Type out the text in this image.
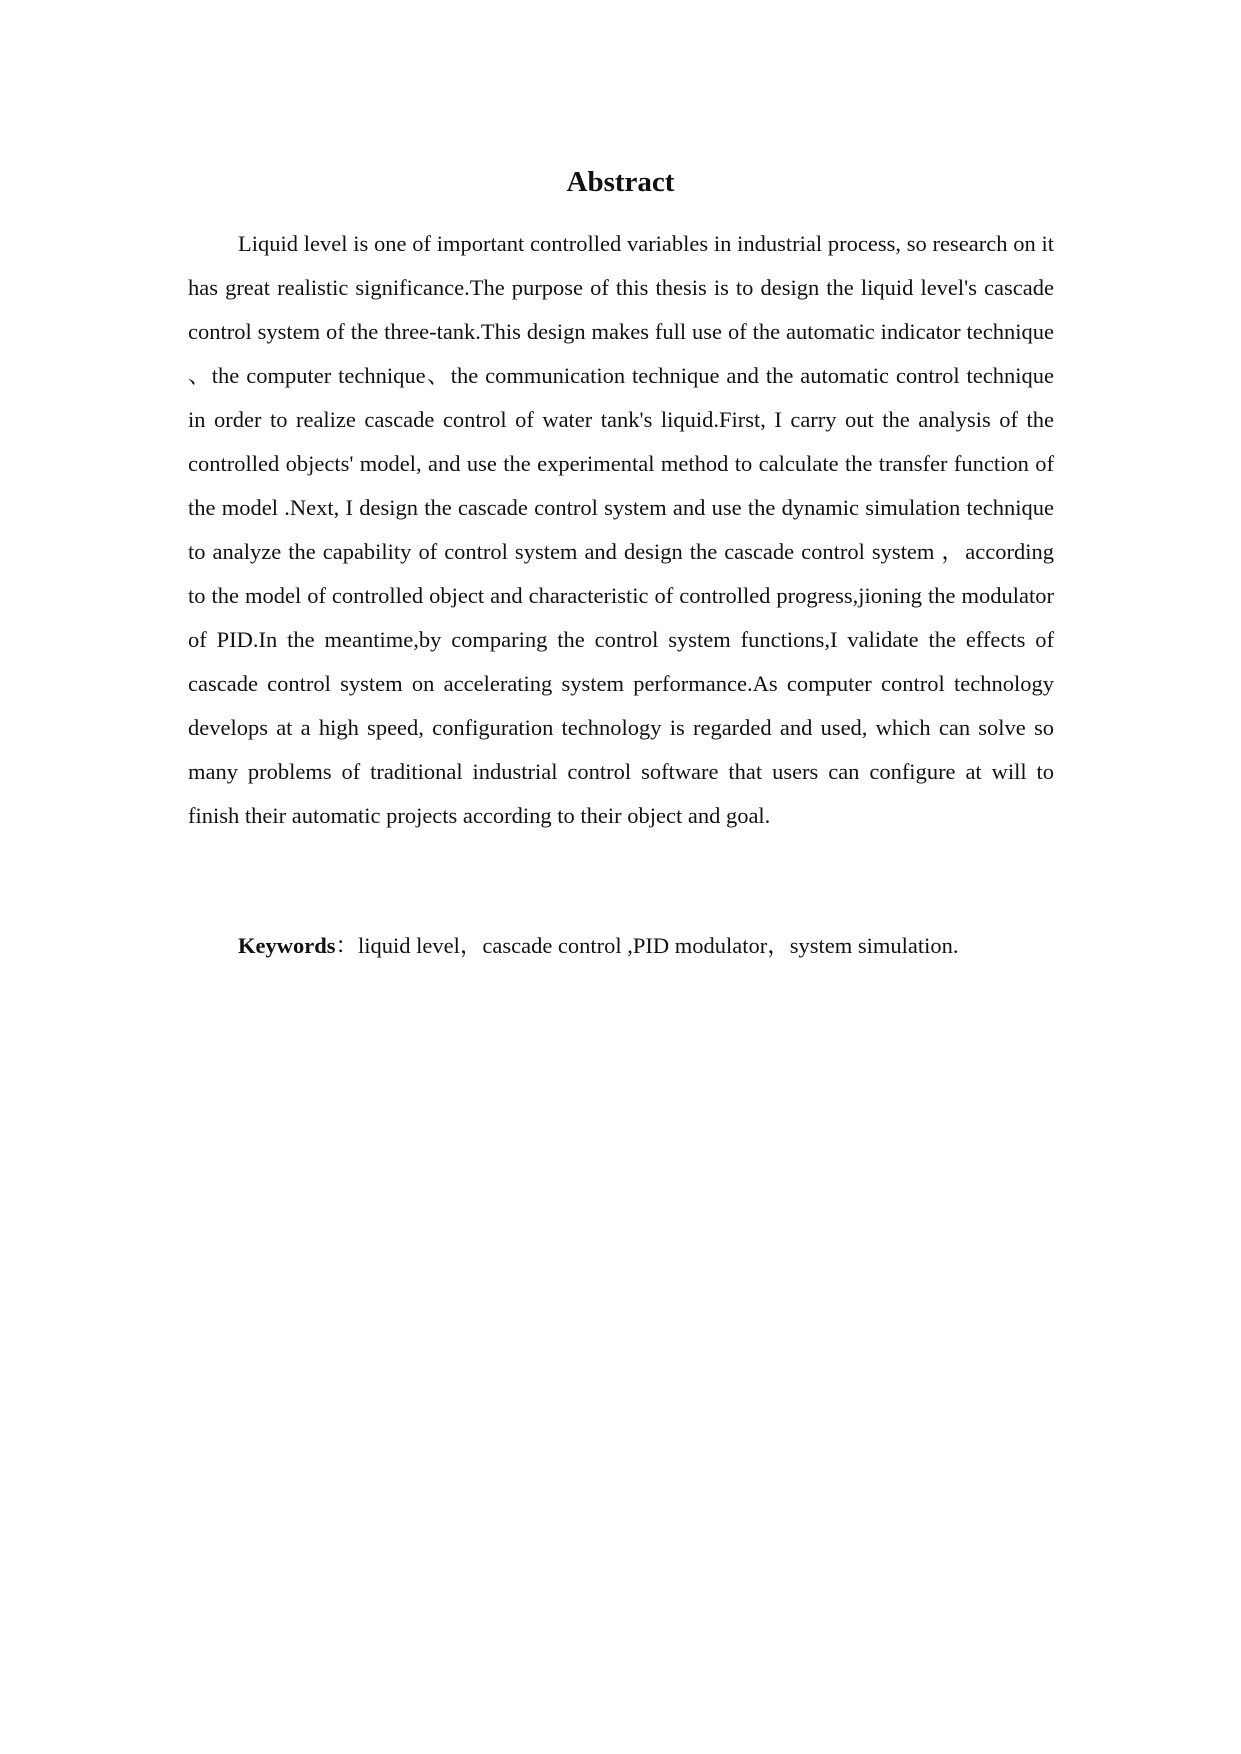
Abstract

Liquid level is one of important controlled variables in industrial process, so research on it has great realistic significance.The purpose of this thesis is to design the liquid level's cascade control system of the three-tank.This design makes full use of the automatic indicator technique 、the computer technique、the communication technique and the automatic control technique in order to realize cascade control of water tank's liquid.First, I carry out the analysis of the controlled objects' model, and use the experimental method to calculate the transfer function of the model .Next, I design the cascade control system and use the dynamic simulation technique to analyze the capability of control system and design the cascade control system ，according to the model of controlled object and characteristic of controlled progress,jioning the modulator of PID.In the meantime,by comparing the control system functions,I validate the effects of cascade control system on accelerating system performance.As computer control technology develops at a high speed, configuration technology is regarded and used, which can solve so many problems of traditional industrial control software that users can configure at will to finish their automatic projects according to their object and goal.

Keywords：liquid level，cascade control ,PID modulator，system simulation.
